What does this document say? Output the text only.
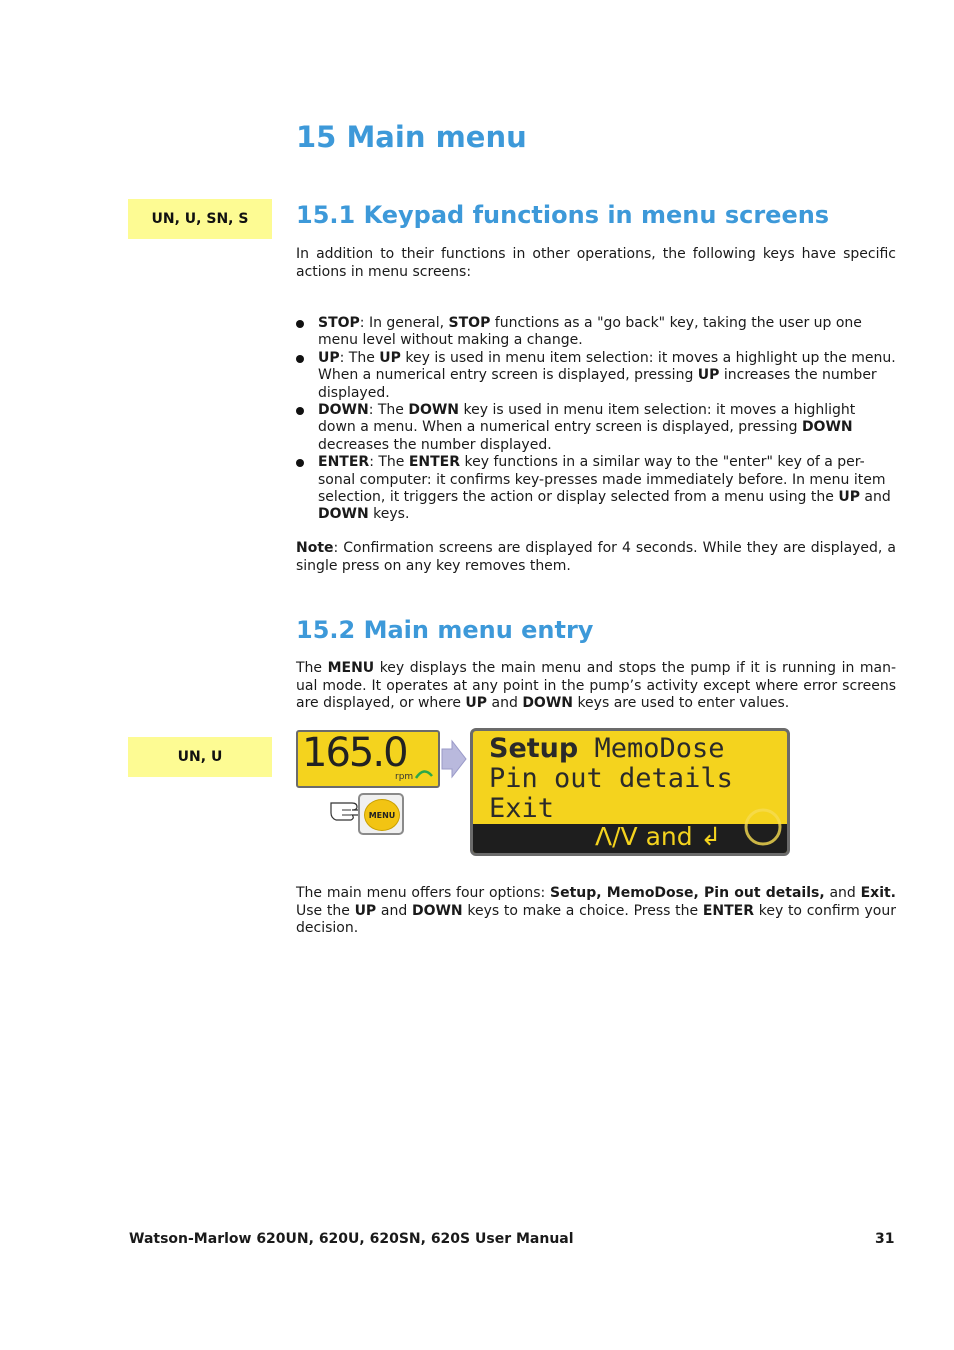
15 Main menu
UN, U, SN, S	15.1 Keypad functions in menu screens

In addition to their functions in other operations, the following keys have specific actions in menu screens:

STOP: In general, STOP functions as a "go back" key, taking the user up one menu level without making a change.
UP: The UP key is used in menu item selection: it moves a highlight up the menu. When a numerical entry screen is displayed, pressing UP increases the number displayed.
DOWN: The DOWN key is used in menu item selection: it moves a highlight down a menu. When a numerical entry screen is displayed, pressing DOWN decreases the number displayed.
ENTER: The ENTER key functions in a similar way to the "enter" key of a per-sonal computer: it confirms key-presses made immediately before. In menu item selection, it triggers the action or display selected from a menu using the UP and DOWN keys.

Note: Confirmation screens are displayed for 4 seconds. While they are displayed, a single press on any key removes them.

15.2 Main menu entry

The MENU key displays the main menu and stops the pump if it is running in man-ual mode. It operates at any point in the pump’s activity except where error screens are displayed, or where UP and DOWN keys are used to enter values.

UN, U	165.0
rpm
MENU
Setup MemoDose
Pin out details
Exit
Λ/V and ↲

The main menu offers four options: Setup, MemoDose, Pin out details, and Exit. Use the UP and DOWN keys to make a choice. Press the ENTER key to confirm your decision.

Watson-Marlow 620UN, 620U, 620SN, 620S User Manual	31
